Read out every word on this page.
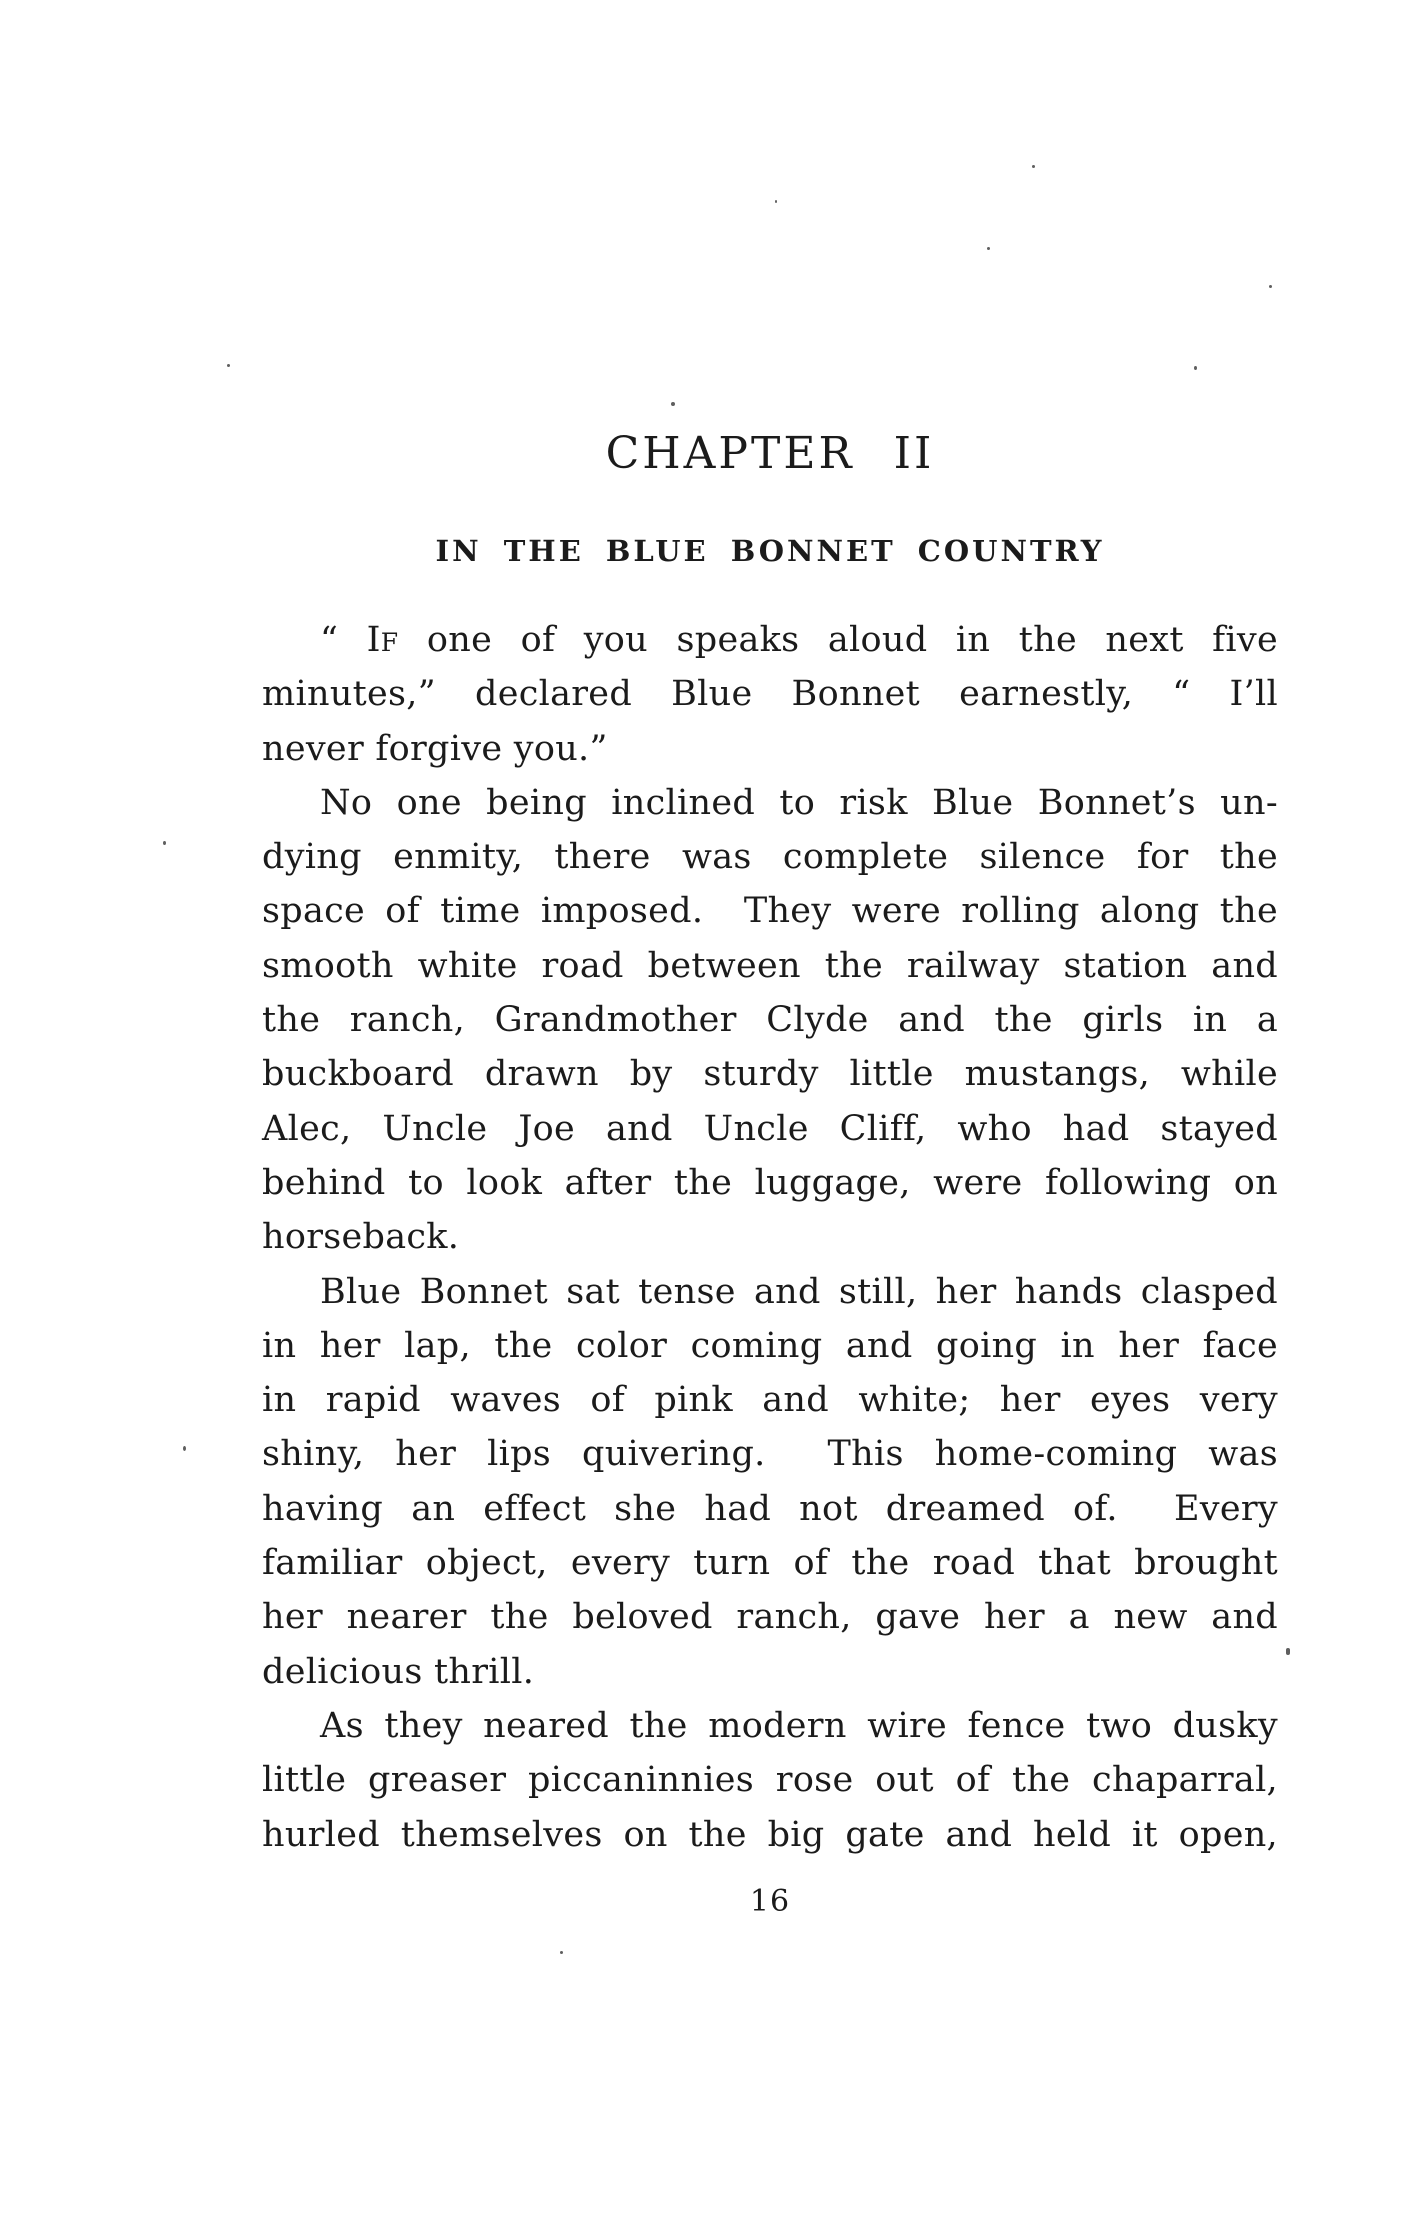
CHAPTER II
IN THE BLUE BONNET COUNTRY
“ If one of you speaks aloud in the next five
minutes,” declared Blue Bonnet earnestly, “ I’ll
never forgive you.”
No one being inclined to risk Blue Bonnet’s un-
dying enmity, there was complete silence for the
space of time imposed.  They were rolling along the
smooth white road between the railway station and
the ranch, Grandmother Clyde and the girls in a
buckboard drawn by sturdy little mustangs, while
Alec, Uncle Joe and Uncle Cliff, who had stayed
behind to look after the luggage, were following on
horseback.
Blue Bonnet sat tense and still, her hands clasped
in her lap, the color coming and going in her face
in rapid waves of pink and white; her eyes very
shiny, her lips quivering.  This home-coming was
having an effect she had not dreamed of.  Every
familiar object, every turn of the road that brought
her nearer the beloved ranch, gave her a new and
delicious thrill.
As they neared the modern wire fence two dusky
little greaser piccaninnies rose out of the chaparral,
hurled themselves on the big gate and held it open,
16
